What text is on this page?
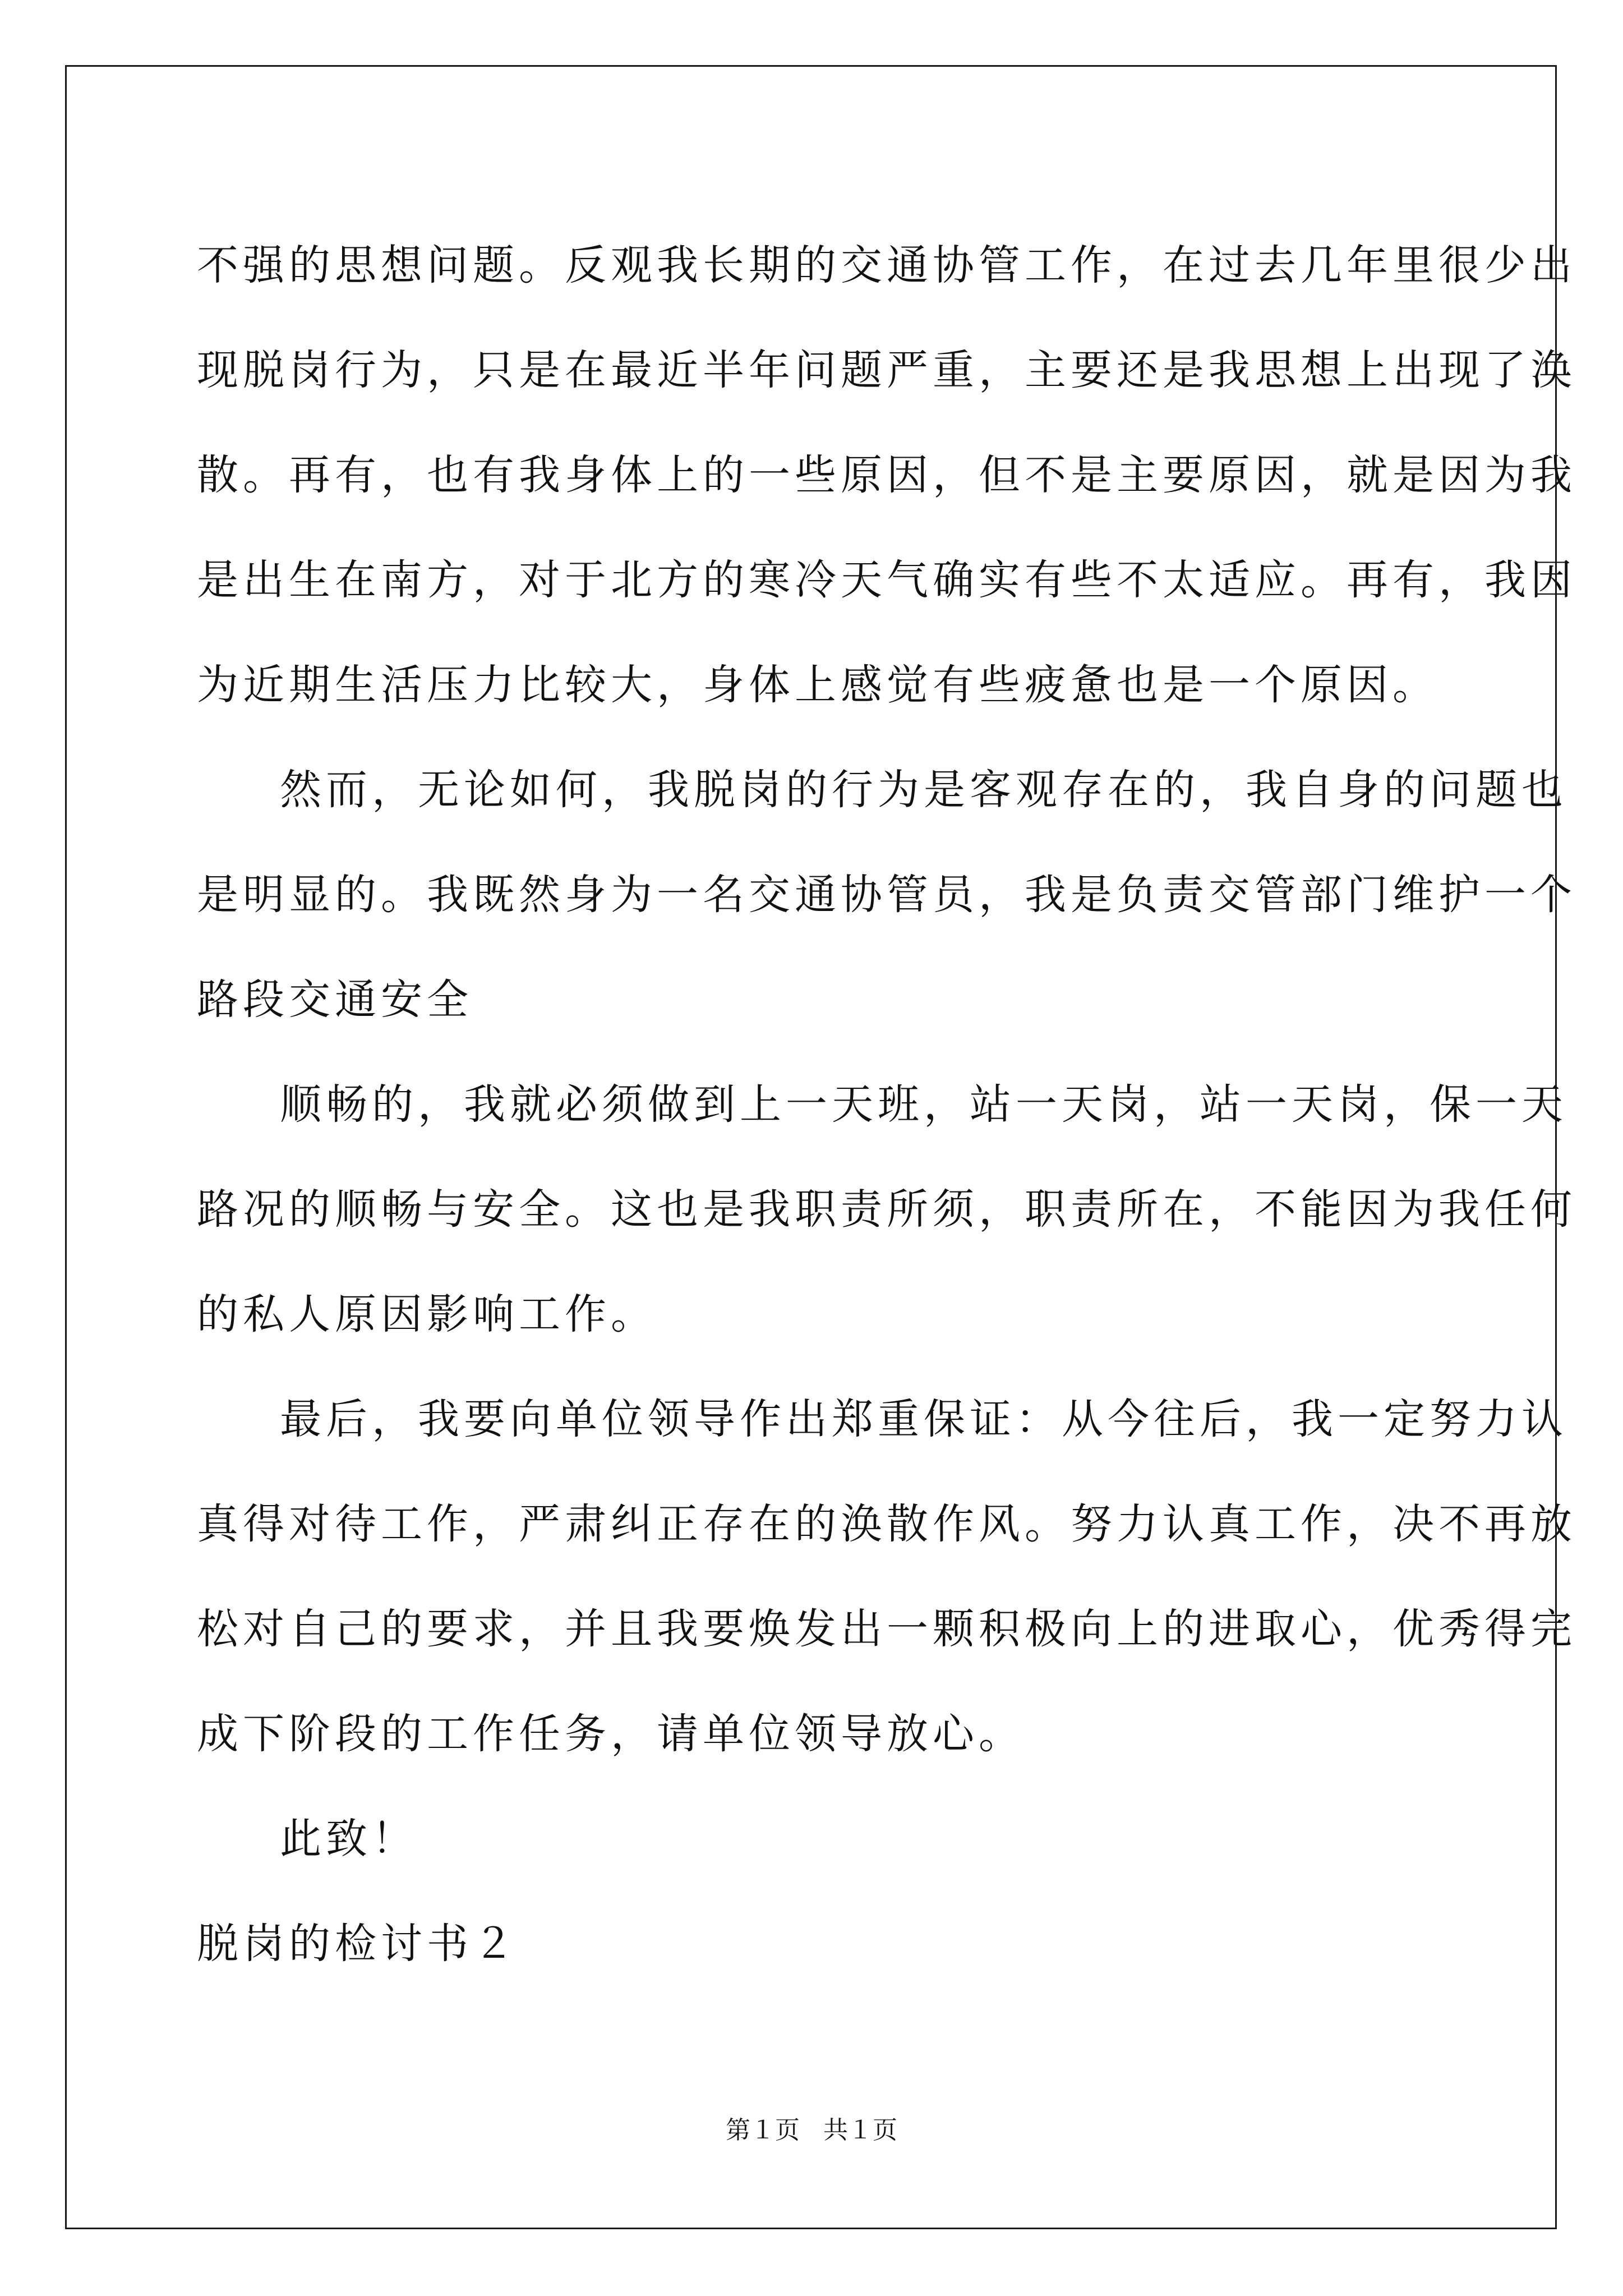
不强的思想问题。反观我长期的交通协管工作，在过去几年里很少出
现脱岗行为，只是在最近半年问题严重，主要还是我思想上出现了涣
散。再有，也有我身体上的一些原因，但不是主要原因，就是因为我
是出生在南方，对于北方的寒冷天气确实有些不太适应。再有，我因
为近期生活压力比较大，身体上感觉有些疲惫也是一个原因。
然而，无论如何，我脱岗的行为是客观存在的，我自身的问题也
是明显的。我既然身为一名交通协管员，我是负责交管部门维护一个
路段交通安全
顺畅的，我就必须做到上一天班，站一天岗，站一天岗，保一天
路况的顺畅与安全。这也是我职责所须，职责所在，不能因为我任何
的私人原因影响工作。
最后，我要向单位领导作出郑重保证：从今往后，我一定努力认
真得对待工作，严肃纠正存在的涣散作风。努力认真工作，决不再放
松对自己的要求，并且我要焕发出一颗积极向上的进取心，优秀得完
成下阶段的工作任务，请单位领导放心。
此致！
脱岗的检讨书２
第１页 共１页
